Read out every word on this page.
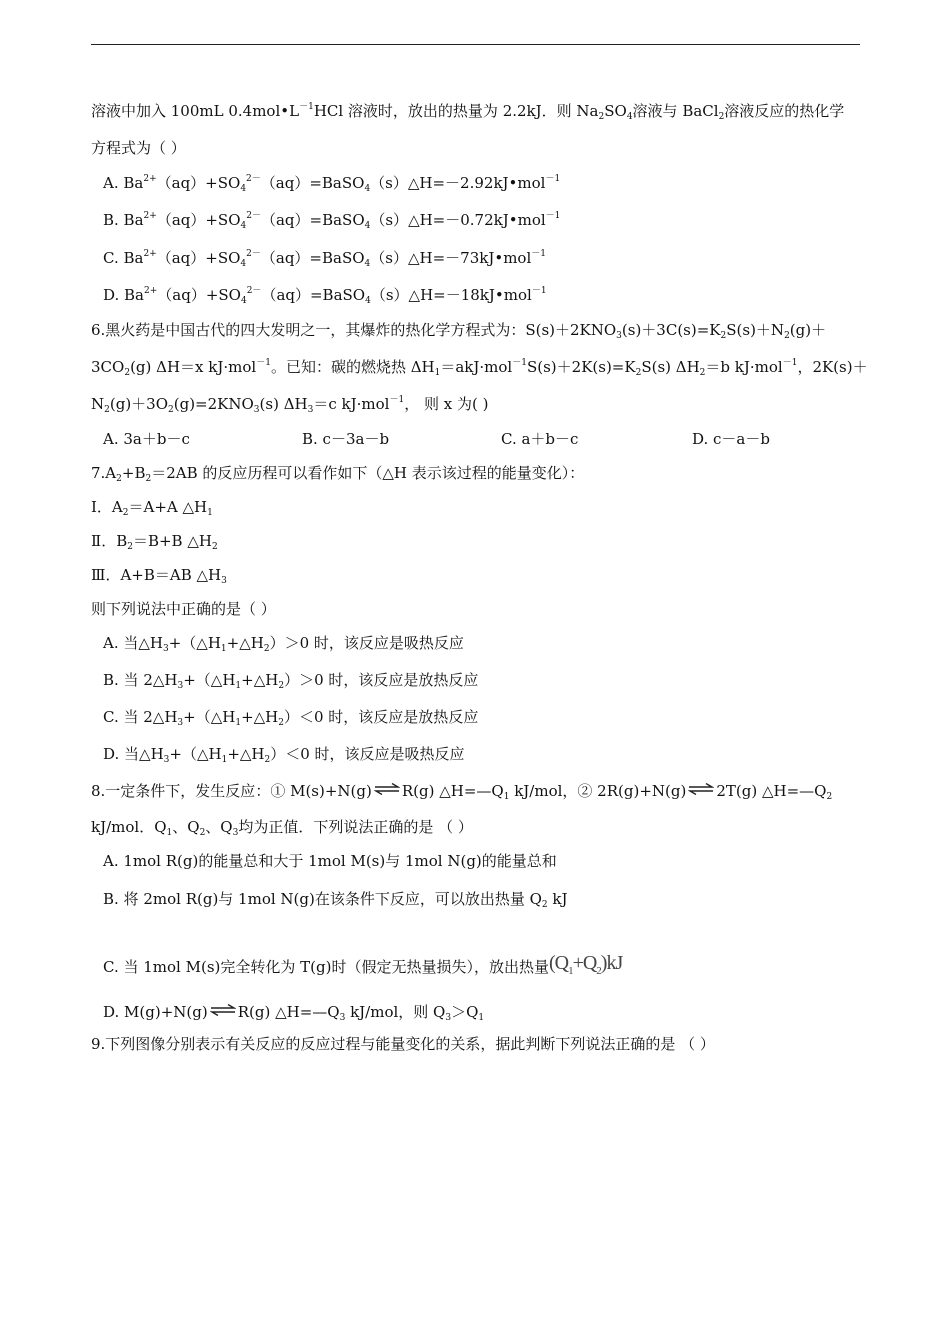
溶液中加入 100mL $0.4mol•L^{-1}HCl$ 溶液时，放出的热量为 2.2kJ．则 $Na_2SO_4$溶液与 BaCl$_2$溶液反应的热化学
方程式为（ ）
A. $Ba^{2+}(aq)+SO_4^{2-}(aq)=BaSO_4(s)\triangle H=-2.92kJ•mol^{-1}$
B. $Ba^{2+}(aq)+SO_4^{2-}(aq)=BaSO_4(s)\triangle H=-0.72kJ•mol^{-1}$
C. $Ba^{2+}(aq)+SO_4^{2-}(aq)=BaSO_4(s)\triangle H=-73kJ•mol^{-1}$
D. $Ba^{2+}(aq)+SO_4^{2-}(aq)=BaSO_4(s)\triangle H=-18kJ•mol^{-1}$
6.黑火药是中国古代的四大发明之一，其爆炸的热化学方程式为：$S(s)+2KNO_3(s)+3C(s)=K_2S(s)+N_2(g)+$
$3CO_2(g)$ ΔH＝x kJ·mol$^{-1}$。已知：碳的燃烧热 $\Delta H_1=akJ\cdot mol^{-1}S(s)+2K(s)=K_2S(s)$ $\Delta H_2=b$ kJ·mol$^{-1}$，2K(s)＋
$N_2(g)+3O_2(g)=2KNO_3(s)$ $\Delta H_3=c$ kJ·mol$^{-1}$， 则 x 为( )
A. 3a＋b－c	B. c－3a－b	C. a＋b－c	D. c－a－b
$7.A_2+B_2=2AB$ 的反应历程可以看作如下（△H 表示该过程的能量变化）：
Ⅰ．$A_2=A+A$ $\triangle H_1$
Ⅱ．$B_2=B+B$ $\triangle H_2$
Ⅲ．A+B＝AB $\triangle H_3$
则下列说法中正确的是（ ）
A. 当$\triangle H_3+(\triangle H_1+\triangle H_2)>0$ 时，该反应是吸热反应
B. 当 $2\triangle H_3+(\triangle H_1+\triangle H_2)>0$ 时，该反应是放热反应
C. 当 $2\triangle H_3+(\triangle H_1+\triangle H_2)<0$ 时，该反应是放热反应
D. 当$\triangle H_3+(\triangle H_1+\triangle H_2)<0$ 时，该反应是吸热反应
8.一定条件下，发生反应：① M(s)+N(g) ⇌ R(g) $\triangle H=—Q_1$ kJ/mol，② 2R(g)+N(g) ⇌ 2T(g) $\triangle H=—Q_2$
kJ/mol．$Q_1$、$Q_2$、$Q_3$均为正值．下列说法正确的是 （ ）
A. 1mol R(g)的能量总和大于 1mol M(s)与 1mol N(g)的能量总和
B. 将 2mol R(g)与 1mol N(g)在该条件下反应，可以放出热量 $Q_2$ kJ
C. 当 1mol M(s)完全转化为 T(g)时（假定无热量损失），放出热量$(Q_1+Q_2)kJ$
D. M(g)+N(g) ⇌ R(g) $\triangle H=—Q_3$ kJ/mol，则 $Q_3>Q_1$
9.下列图像分别表示有关反应的反应过程与能量变化的关系，据此判断下列说法正确的是 （ ）
